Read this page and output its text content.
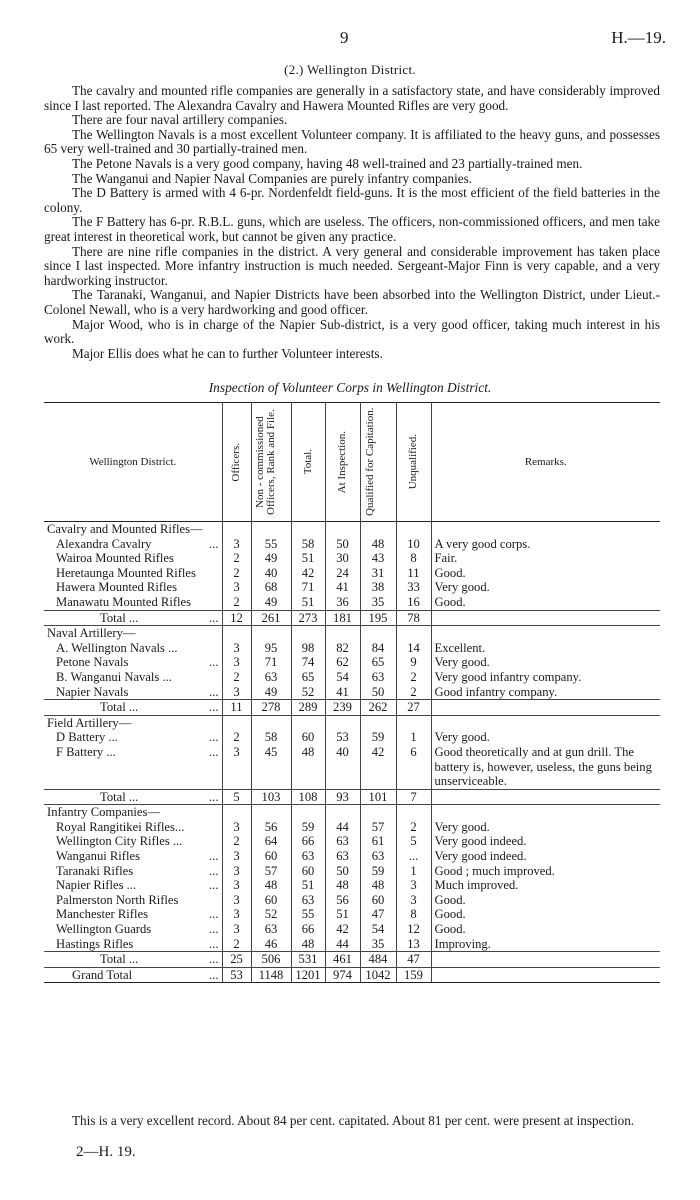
9	H.—19.
(2.) Wellington District.

The cavalry and mounted rifle companies are generally in a satisfactory state, and have considerably improved since I last reported. The Alexandra Cavalry and Hawera Mounted Rifles are very good.

There are four naval artillery companies.

The Wellington Navals is a most excellent Volunteer company. It is affiliated to the heavy guns, and possesses 65 very well-trained and 30 partially-trained men.

The Petone Navals is a very good company, having 48 well-trained and 23 partially-trained men.

The Wanganui and Napier Naval Companies are purely infantry companies.

The D Battery is armed with 4 6-pr. Nordenfeldt field-guns. It is the most efficient of the field batteries in the colony.

The F Battery has 6-pr. R.B.L. guns, which are useless. The officers, non-commissioned officers, and men take great interest in theoretical work, but cannot be given any practice.

There are nine rifle companies in the district. A very general and considerable improvement has taken place since I last inspected. More infantry instruction is much needed. Sergeant-Major Finn is very capable, and a very hardworking instructor.

The Taranaki, Wanganui, and Napier Districts have been absorbed into the Wellington District, under Lieut.-Colonel Newall, who is a very hardworking and good officer.

Major Wood, who is in charge of the Napier Sub-district, is a very good officer, taking much interest in his work.

Major Ellis does what he can to further Volunteer interests.

Inspection of Volunteer Corps in Wellington District.
Wellington District.	Officers.	Non - commissioned Officers, Rank and File.	Total.	At Inspection.	Qualified for Capitation.	Unqualified.	Remarks.
Cavalry and Mounted Rifles—							
Alexandra Cavalry ...	3	55	58	50	48	10	A very good corps.
Wairoa Mounted Rifles	2	49	51	30	43	8	Fair.
Heretaunga Mounted Rifles	2	40	42	24	31	11	Good.
Hawera Mounted Rifles	3	68	71	41	38	33	Very good.
Manawatu Mounted Rifles	2	49	51	36	35	16	Good.
Total ... ...	12	261	273	181	195	78	
Naval Artillery—							
A. Wellington Navals ...	3	95	98	82	84	14	Excellent.
Petone Navals ...	3	71	74	62	65	9	Very good.
B. Wanganui Navals ...	2	63	65	54	63	2	Very good infantry company.
Napier Navals ...	3	49	52	41	50	2	Good infantry company.
Total ... ...	11	278	289	239	262	27	
Field Artillery—							
D Battery ... ...	2	58	60	53	59	1	Very good.
F Battery ... ...	3	45	48	40	42	6	Good theoretically and at gun drill. The battery is, however, useless, the guns being unserviceable.
Total ... ...	5	103	108	93	101	7	
Infantry Companies—							
Royal Rangitikei Rifles...	3	56	59	44	57	2	Very good.
Wellington City Rifles ...	2	64	66	63	61	5	Very good indeed.
Wanganui Rifles ...	3	60	63	63	63	...	Very good indeed.
Taranaki Rifles ...	3	57	60	50	59	1	Good ; much improved.
Napier Rifles ... ...	3	48	51	48	48	3	Much improved.
Palmerston North Rifles	3	60	63	56	60	3	Good.
Manchester Rifles ...	3	52	55	51	47	8	Good.
Wellington Guards ...	3	63	66	42	54	12	Good.
Hastings Rifles ...	2	46	48	44	35	13	Improving.
Total ... ...	25	506	531	461	484	47	
Grand Total ...	53	1148	1201	974	1042	159	

This is a very excellent record. About 84 per cent. capitated. About 81 per cent. were present at inspection.

2—H. 19.
